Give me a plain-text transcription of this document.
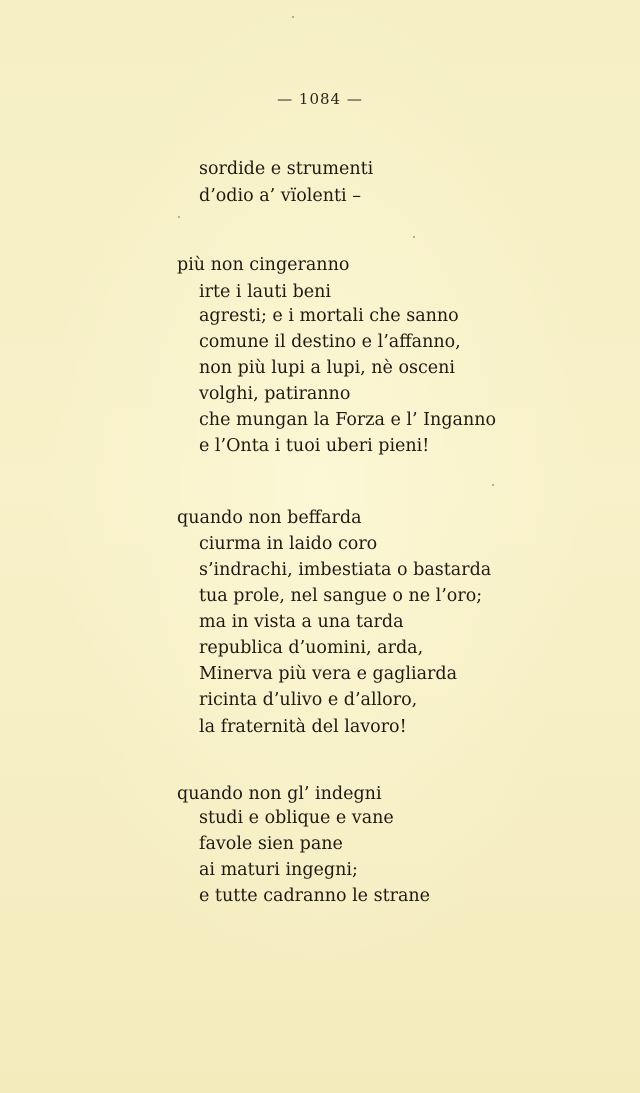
— 1084 —
sordide e strumenti
d’odio a’ vïolenti –
più non cingeranno
irte i lauti beni
agresti; e i mortali che sanno
comune il destino e l’affanno,
non più lupi a lupi, nè osceni
volghi, patiranno
che mungan la Forza e l’ Inganno
e l’Onta i tuoi uberi pieni!
quando non beffarda
ciurma in laido coro
s’indrachi, imbestiata o bastarda
tua prole, nel sangue o ne l’oro;
ma in vista a una tarda
republica d’uomini, arda,
Minerva più vera e gagliarda
ricinta d’ulivo e d’alloro,
la fraternità del lavoro!
quando non gl’ indegni
studi e oblique e vane
favole sien pane
ai maturi ingegni;
e tutte cadranno le strane
